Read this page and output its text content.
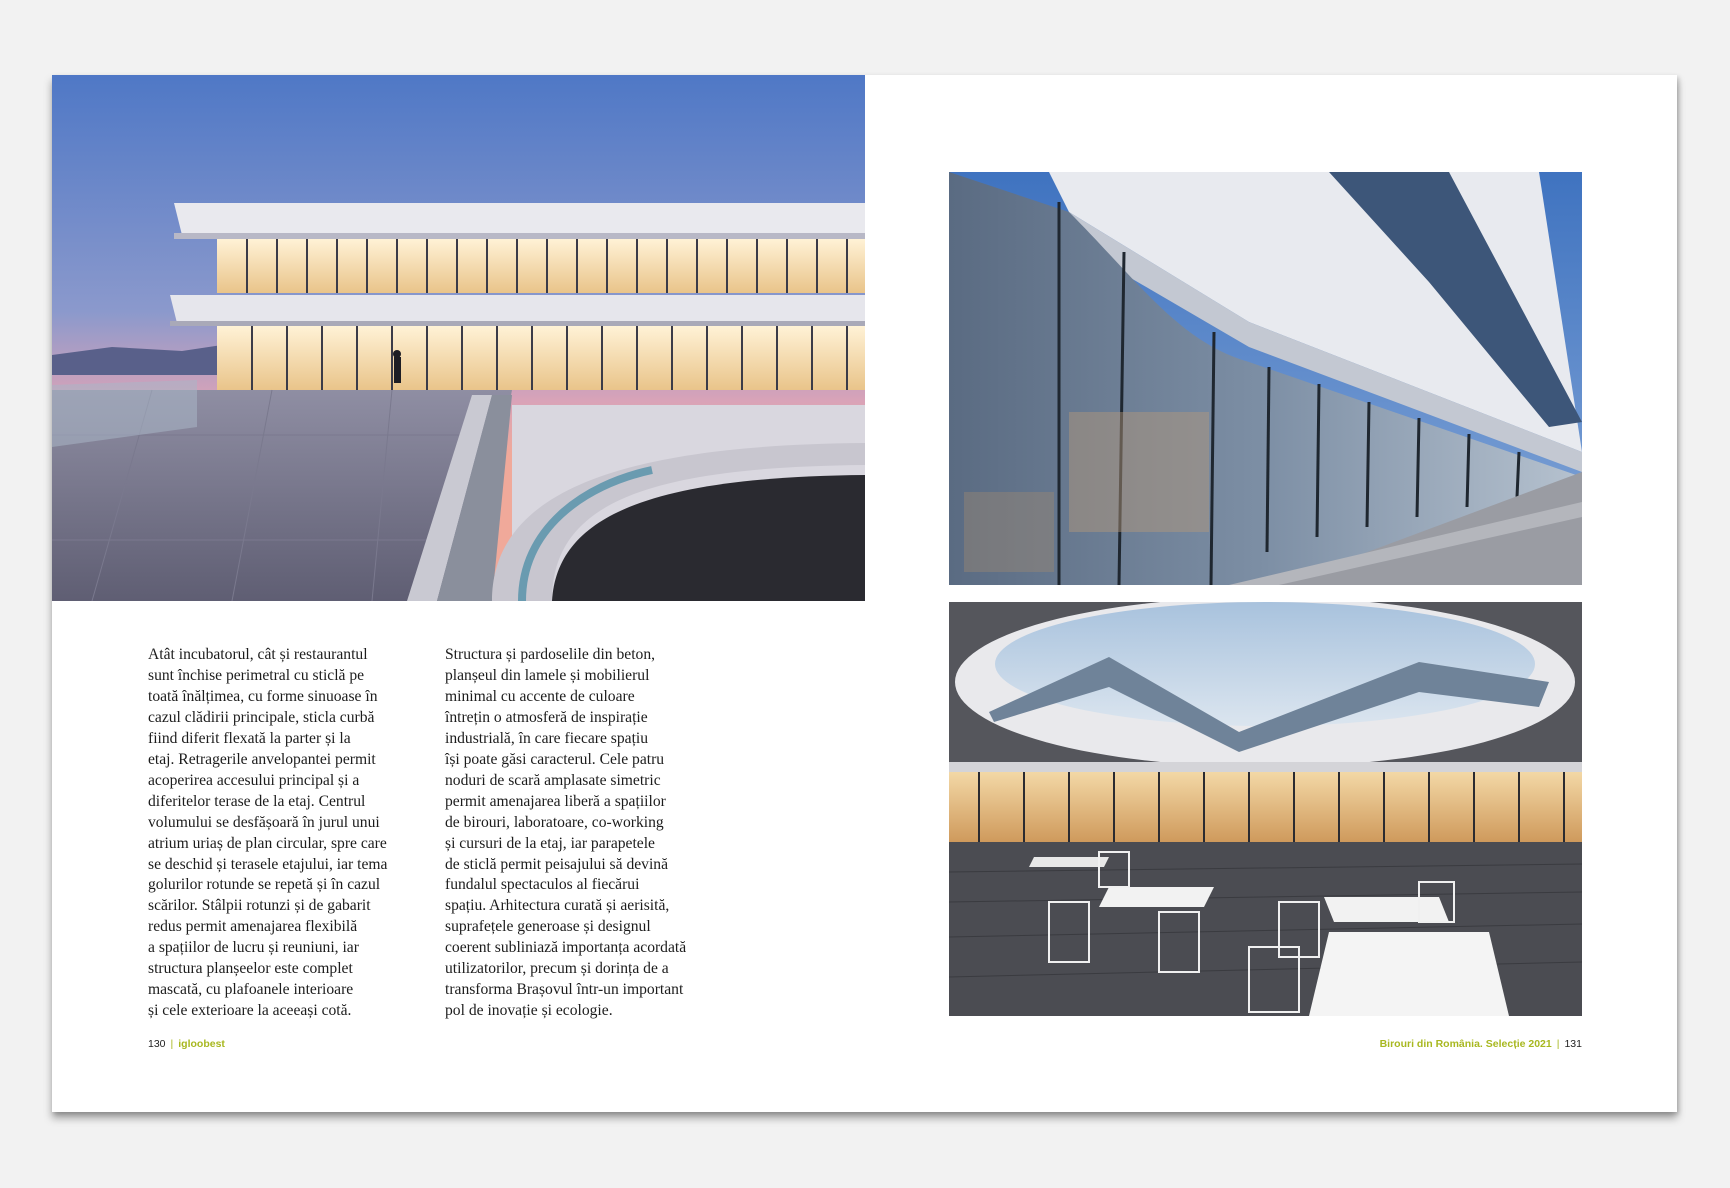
Atât incubatorul, cât și restaurantul
sunt închise perimetral cu sticlă pe
toată înălțimea, cu forme sinuoase în
cazul clădirii principale, sticla curbă
fiind diferit flexată la parter și la
etaj. Retragerile anvelopantei permit
acoperirea accesului principal și a
diferitelor terase de la etaj. Centrul
volumului se desfășoară în jurul unui
atrium uriaș de plan circular, spre care
se deschid și terasele etajului, iar tema
golurilor rotunde se repetă și în cazul
scărilor. Stâlpii rotunzi și de gabarit
redus permit amenajarea flexibilă
a spațiilor de lucru și reuniuni, iar
structura planșeelor este complet
mascată, cu plafoanele interioare
și cele exterioare la aceeași cotă.

Structura și pardoselile din beton,
planșeul din lamele și mobilierul
minimal cu accente de culoare
întrețin o atmosferă de inspirație
industrială, în care fiecare spațiu
își poate găsi caracterul. Cele patru
noduri de scară amplasate simetric
permit amenajarea liberă a spațiilor
de birouri, laboratoare, co-working
și cursuri de la etaj, iar parapetele
de sticlă permit peisajului să devină
fundalul spectaculos al fiecărui
spațiu. Arhitectura curată și aerisită,
suprafețele generoase și designul
coerent subliniază importanța acordată
utilizatorilor, precum și dorința de a
transforma Brașovul într-un important
pol de inovație și ecologie.

130 | igloobest	Birouri din România. Selecție 2021 | 131
